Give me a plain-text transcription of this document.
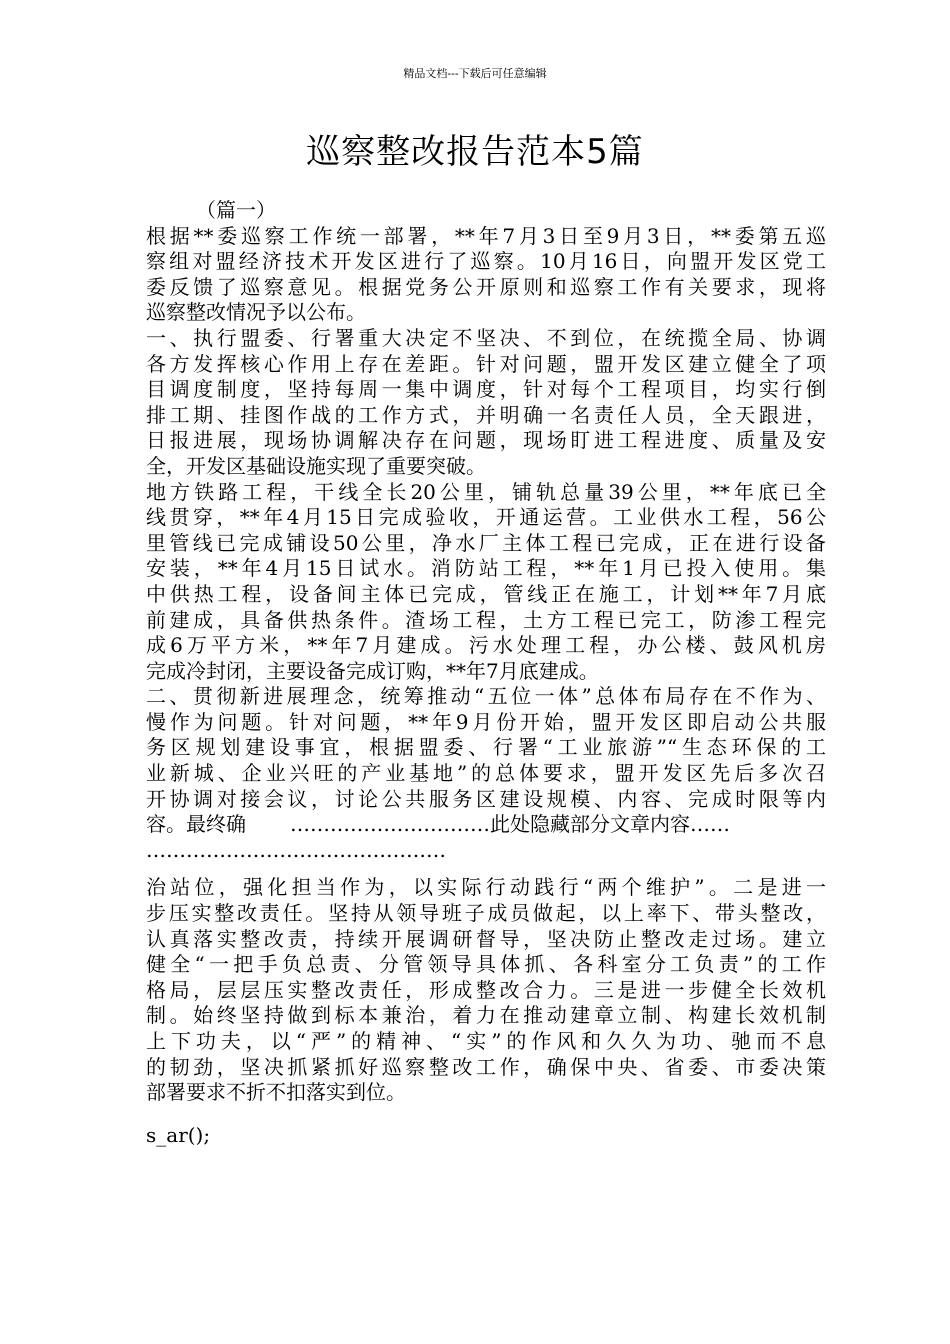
精品文档---下载后可任意编辑
巡察整改报告范本5篇
（篇一）
根据**委巡察工作统一部署，**年7月3日至9月3日，**委第五巡
察组对盟经济技术开发区进行了巡察。10月16日，向盟开发区党工
委反馈了巡察意见。根据党务公开原则和巡察工作有关要求，现将
巡察整改情况予以公布。
一、执行盟委、行署重大决定不坚决、不到位，在统揽全局、协调
各方发挥核心作用上存在差距。针对问题，盟开发区建立健全了项
目调度制度，坚持每周一集中调度，针对每个工程项目，均实行倒
排工期、挂图作战的工作方式，并明确一名责任人员，全天跟进，
日报进展，现场协调解决存在问题，现场盯进工程进度、质量及安
全，开发区基础设施实现了重要突破。
地方铁路工程，干线全长20公里，铺轨总量39公里，**年底已全
线贯穿，**年4月15日完成验收，开通运营。工业供水工程，56公
里管线已完成铺设50公里，净水厂主体工程已完成，正在进行设备
安装，**年4月15日试水。消防站工程，**年1月已投入使用。集
中供热工程，设备间主体已完成，管线正在施工，计划**年7月底
前建成，具备供热条件。渣场工程，土方工程已完工，防渗工程完
成6万平方米，**年7月建成。污水处理工程，办公楼、鼓风机房
完成冷封闭，主要设备完成订购，**年7月底建成。
二、贯彻新进展理念，统筹推动“五位一体”总体布局存在不作为、
慢作为问题。针对问题，**年9月份开始，盟开发区即启动公共服
务区规划建设事宜，根据盟委、行署“工业旅游”“生态环保的工
业新城、企业兴旺的产业基地”的总体要求，盟开发区先后多次召
开协调对接会议，讨论公共服务区建设规模、内容、完成时限等内
容。最终确 …………………………此处隐藏部分文章内容……
………………………………………
治站位，强化担当作为，以实际行动践行“两个维护”。二是进一
步压实整改责任。坚持从领导班子成员做起，以上率下、带头整改，
认真落实整改责，持续开展调研督导，坚决防止整改走过场。建立
健全“一把手负总责、分管领导具体抓、各科室分工负责”的工作
格局，层层压实整改责任，形成整改合力。三是进一步健全长效机
制。始终坚持做到标本兼治，着力在推动建章立制、构建长效机制
上下功夫，以“严”的精神、“实”的作风和久久为功、驰而不息
的韧劲，坚决抓紧抓好巡察整改工作，确保中央、省委、市委决策
部署要求不折不扣落实到位。
s_ar();
